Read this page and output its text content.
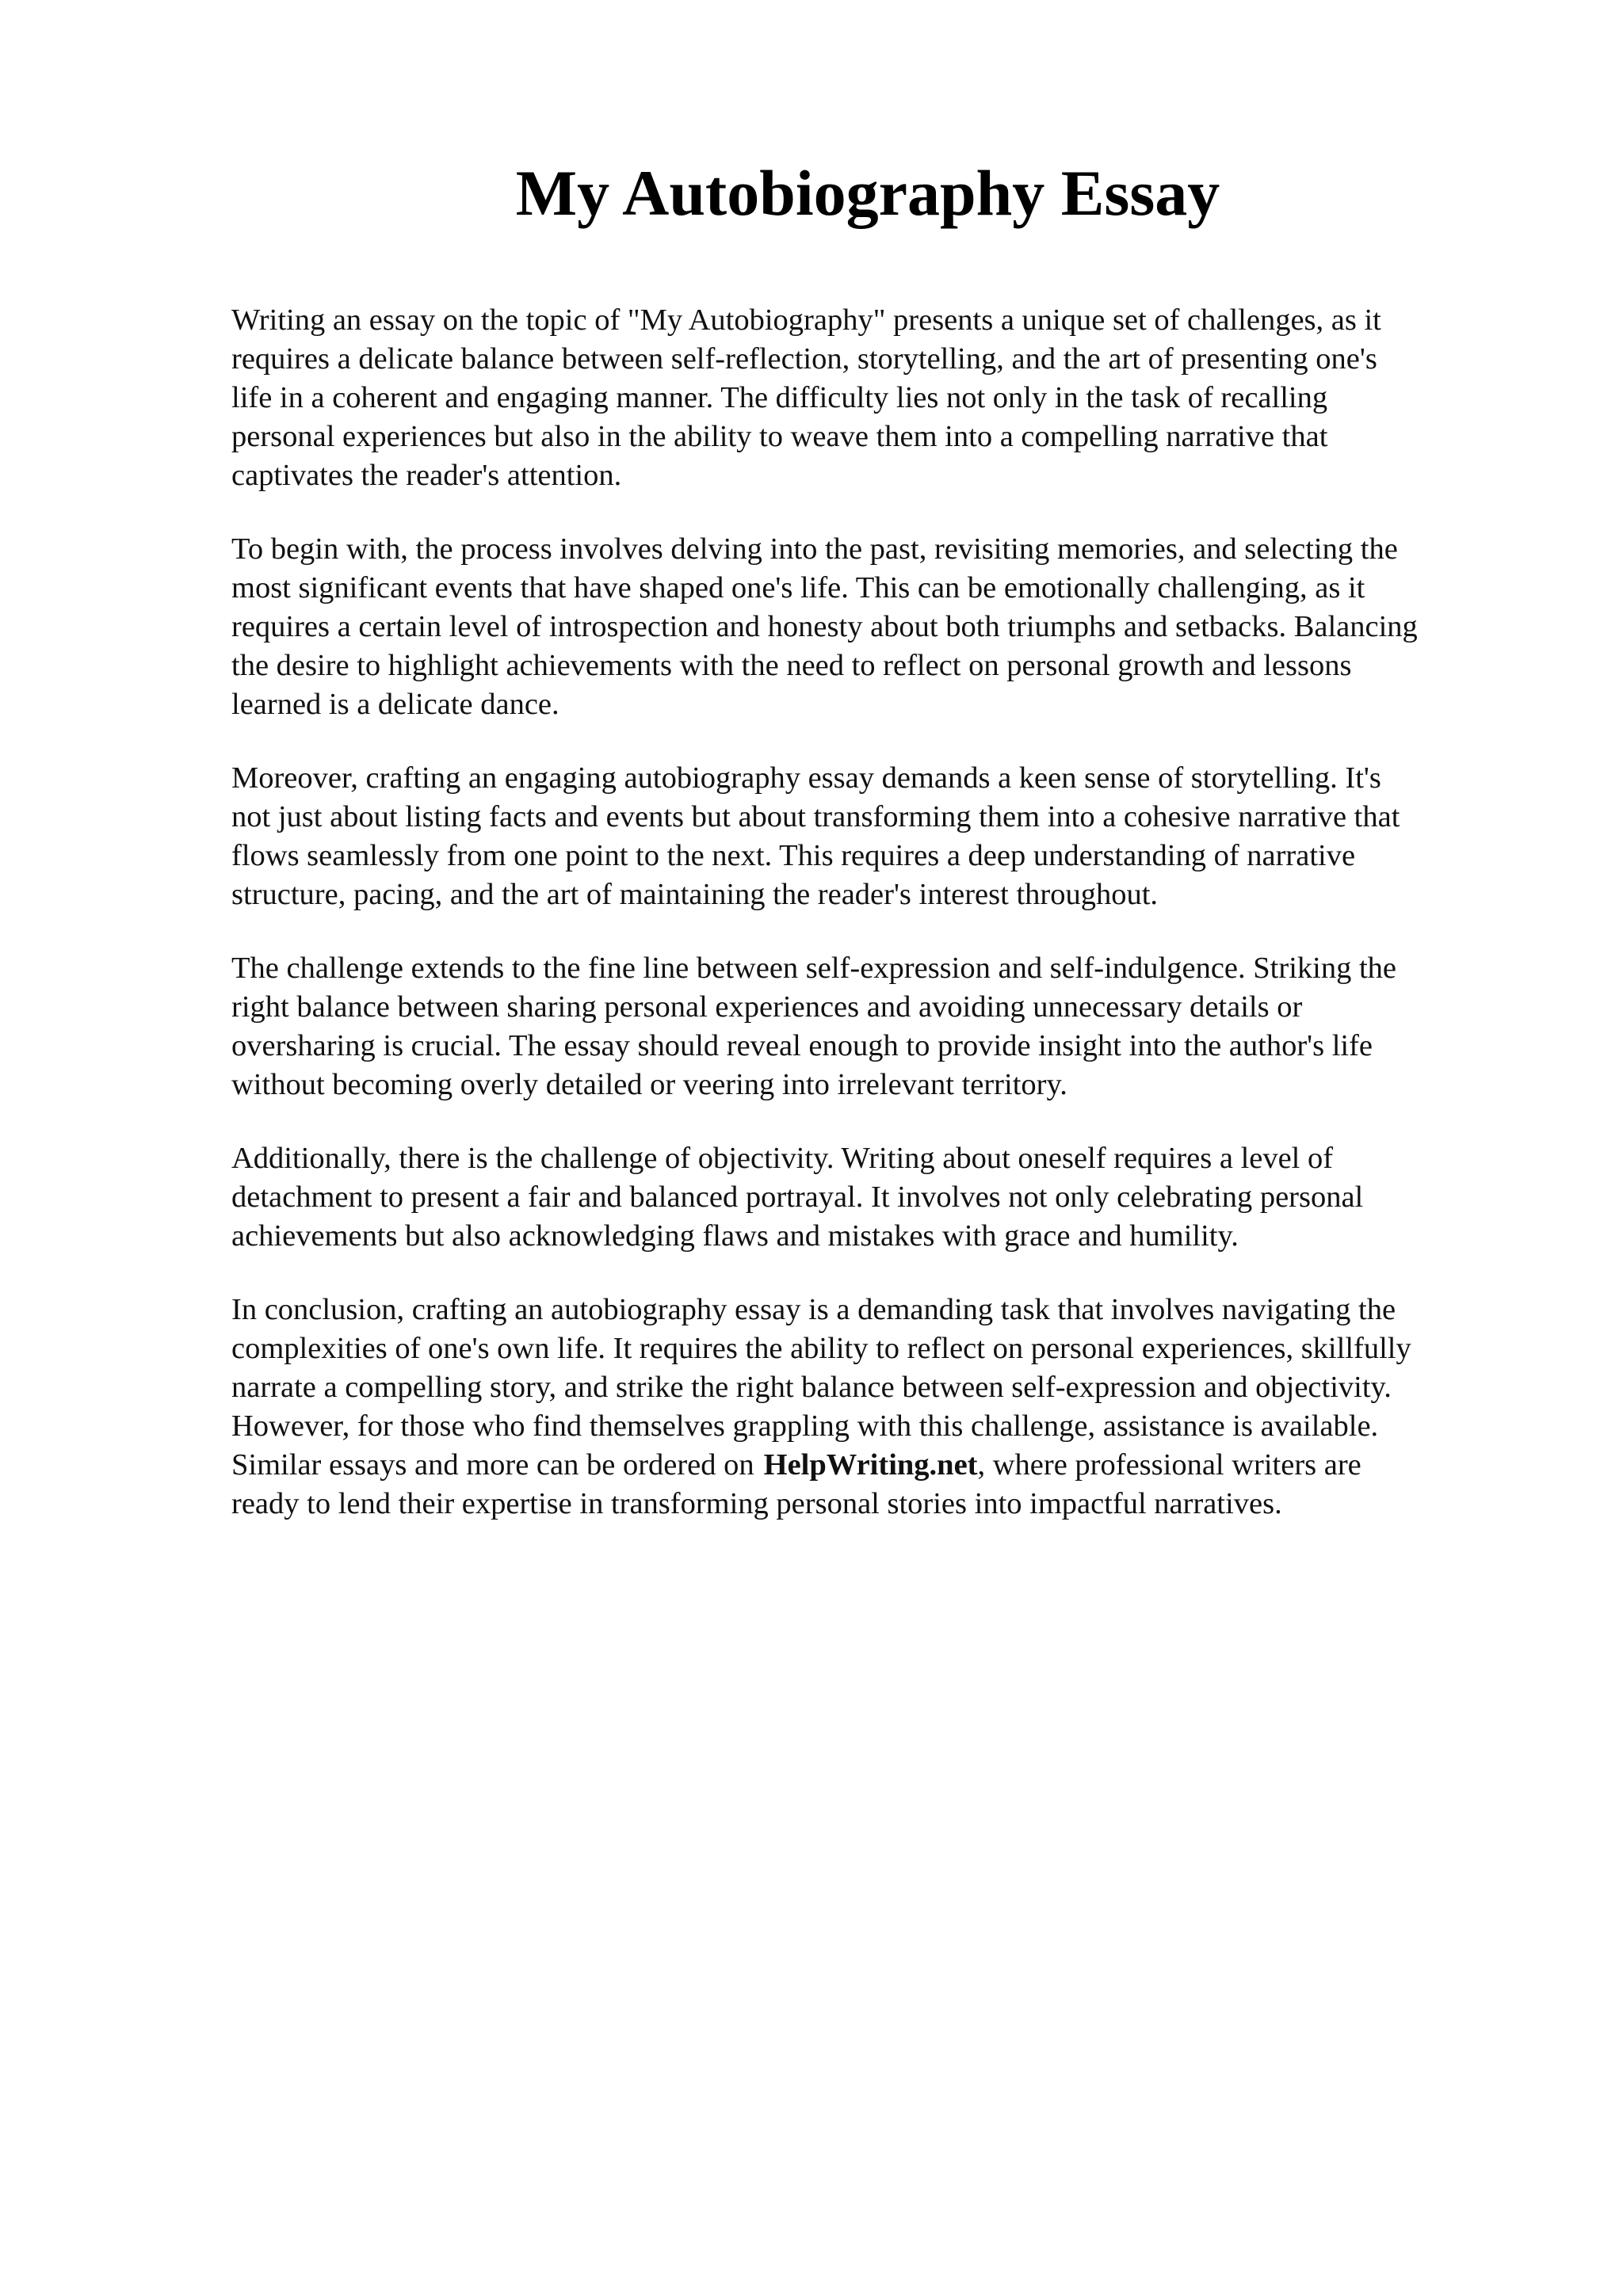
My Autobiography Essay

Writing an essay on the topic of "My Autobiography" presents a unique set of challenges, as it
requires a delicate balance between self-reflection, storytelling, and the art of presenting one's
life in a coherent and engaging manner. The difficulty lies not only in the task of recalling
personal experiences but also in the ability to weave them into a compelling narrative that
captivates the reader's attention.

To begin with, the process involves delving into the past, revisiting memories, and selecting the
most significant events that have shaped one's life. This can be emotionally challenging, as it
requires a certain level of introspection and honesty about both triumphs and setbacks. Balancing
the desire to highlight achievements with the need to reflect on personal growth and lessons
learned is a delicate dance.

Moreover, crafting an engaging autobiography essay demands a keen sense of storytelling. It's
not just about listing facts and events but about transforming them into a cohesive narrative that
flows seamlessly from one point to the next. This requires a deep understanding of narrative
structure, pacing, and the art of maintaining the reader's interest throughout.

The challenge extends to the fine line between self-expression and self-indulgence. Striking the
right balance between sharing personal experiences and avoiding unnecessary details or
oversharing is crucial. The essay should reveal enough to provide insight into the author's life
without becoming overly detailed or veering into irrelevant territory.

Additionally, there is the challenge of objectivity. Writing about oneself requires a level of
detachment to present a fair and balanced portrayal. It involves not only celebrating personal
achievements but also acknowledging flaws and mistakes with grace and humility.

In conclusion, crafting an autobiography essay is a demanding task that involves navigating the
complexities of one's own life. It requires the ability to reflect on personal experiences, skillfully
narrate a compelling story, and strike the right balance between self-expression and objectivity.
However, for those who find themselves grappling with this challenge, assistance is available.
Similar essays and more can be ordered on HelpWriting.net, where professional writers are
ready to lend their expertise in transforming personal stories into impactful narratives.
